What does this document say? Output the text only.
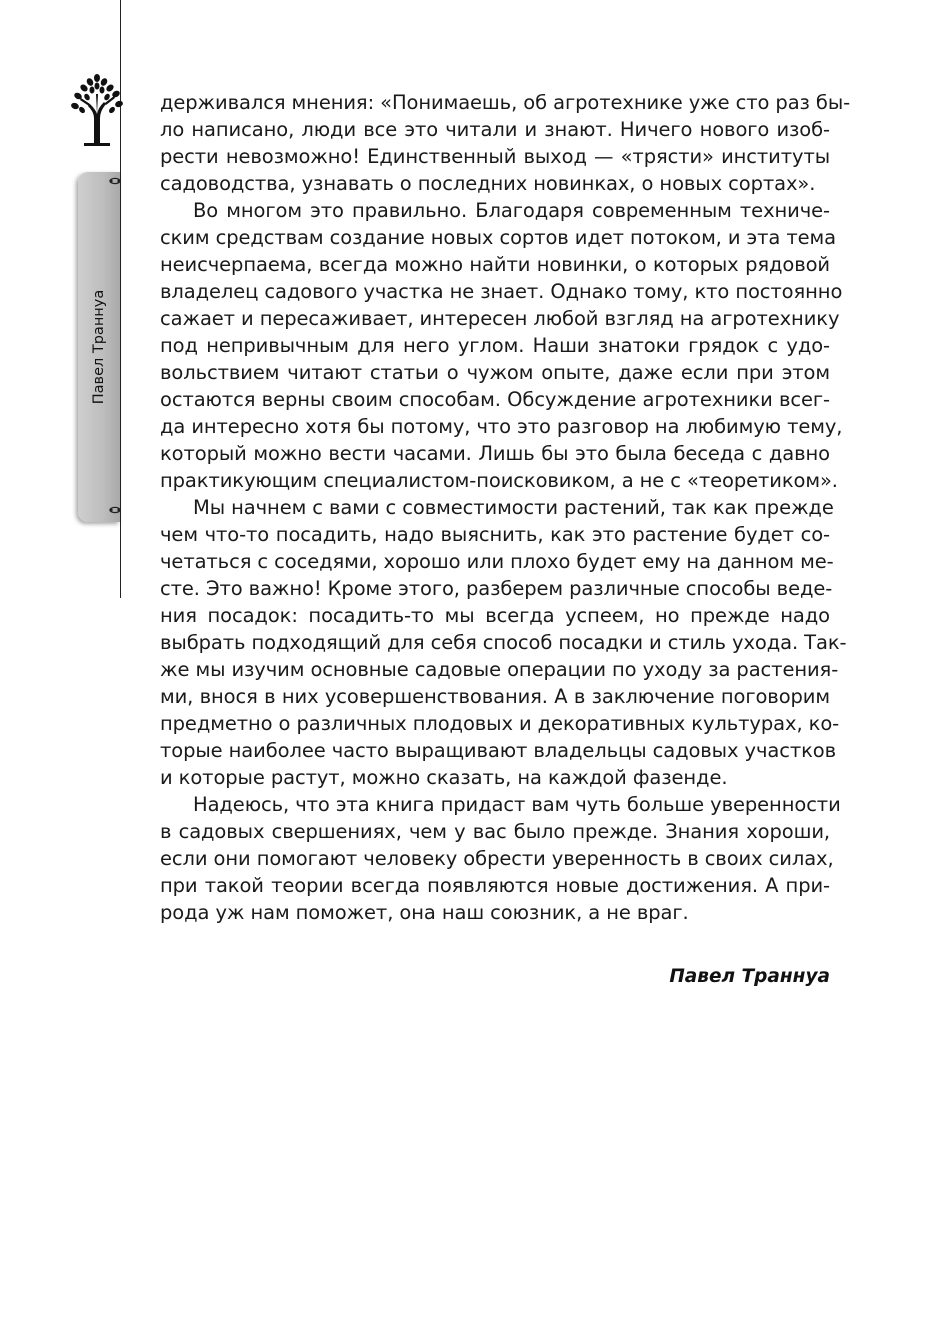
Павел Траннуа
держивался мнения: «Понимаешь, об агротехнике уже сто раз бы-
ло написано, люди все это читали и знают. Ничего нового изоб-
рести невозможно! Единственный выход — «трясти» институты
садоводства, узнавать о последних новинках, о новых сортах».
Во многом это правильно. Благодаря современным техниче-
ским средствам создание новых сортов идет потоком, и эта тема
неисчерпаема, всегда можно найти новинки, о которых рядовой
владелец садового участка не знает. Однако тому, кто постоянно
сажает и пересаживает, интересен любой взгляд на агротехнику
под непривычным для него углом. Наши знатоки грядок с удо-
вольствием читают статьи о чужом опыте, даже если при этом
остаются верны своим способам. Обсуждение агротехники всег-
да интересно хотя бы потому, что это разговор на любимую тему,
который можно вести часами. Лишь бы это была беседа с давно
практикующим специалистом-поисковиком, а не с «теоретиком».
Мы начнем с вами с совместимости растений, так как прежде
чем что-то посадить, надо выяснить, как это растение будет со-
четаться с соседями, хорошо или плохо будет ему на данном ме-
сте. Это важно! Кроме этого, разберем различные способы веде-
ния посадок: посадить-то мы всегда успеем, но прежде надо
выбрать подходящий для себя способ посадки и стиль ухода. Так-
же мы изучим основные садовые операции по уходу за растения-
ми, внося в них усовершенствования. А в заключение поговорим
предметно о различных плодовых и декоративных культурах, ко-
торые наиболее часто выращивают владельцы садовых участков
и которые растут, можно сказать, на каждой фазенде.
Надеюсь, что эта книга придаст вам чуть больше уверенности
в садовых свершениях, чем у вас было прежде. Знания хороши,
если они помогают человеку обрести уверенность в своих силах,
при такой теории всегда появляются новые достижения. А при-
рода уж нам поможет, она наш союзник, а не враг.
Павел Траннуа
